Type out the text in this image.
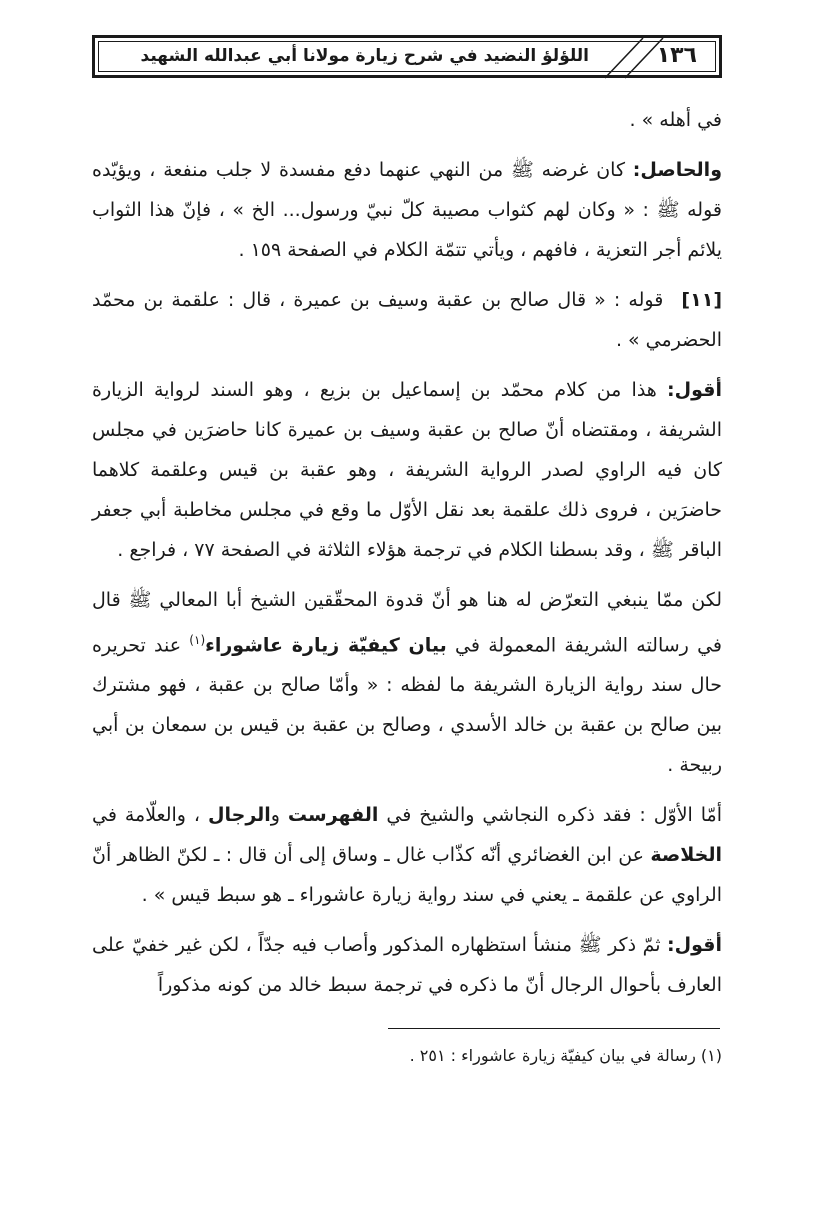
١٣٦
اللؤلؤ النضيد في شرح زيارة مولانا أبي عبدالله الشهيد

في أهله » .

والحاصل: كان غرضه ﷺ من النهي عنهما دفع مفسدة لا جلب منفعة ، ويؤيّده قوله ﷺ : « وكان لهم كثواب مصيبة كلّ نبيّ ورسول... الخ » ، فإنّ هذا الثواب يلائم أجر التعزية ، فافهم ، ويأتي تتمّة الكلام في الصفحة ١٥٩ .

[١١] قوله : « قال صالح بن عقبة وسيف بن عميرة ، قال : علقمة بن محمّد الحضرمي » .

أقول: هذا من كلام محمّد بن إسماعيل بن بزيع ، وهو السند لرواية الزيارة الشريفة ، ومقتضاه أنّ صالح بن عقبة وسيف بن عميرة كانا حاضرَين في مجلس كان فيه الراوي لصدر الرواية الشريفة ، وهو عقبة بن قيس وعلقمة كلاهما حاضرَين ، فروى ذلك علقمة بعد نقل الأوّل ما وقع في مجلس مخاطبة أبي جعفر الباقر ﷺ ، وقد بسطنا الكلام في ترجمة هؤلاء الثلاثة في الصفحة ٧٧ ، فراجع .

لكن ممّا ينبغي التعرّض له هنا هو أنّ قدوة المحقّقين الشيخ أبا المعالي ﷺ قال في رسالته الشريفة المعمولة في بيان كيفيّة زيارة عاشوراء$^{(١)}$ عند تحريره حال سند رواية الزيارة الشريفة ما لفظه : « وأمّا صالح بن عقبة ، فهو مشترك بين صالح بن عقبة بن خالد الأسدي ، وصالح بن عقبة بن قيس بن سمعان بن أبي ربيحة .

أمّا الأوّل : فقد ذكره النجاشي والشيخ في الفهرست والرجال ، والعلّامة في الخلاصة عن ابن الغضائري أنّه كذّاب غال ـ وساق إلى أن قال : ـ لكنّ الظاهر أنّ الراوي عن علقمة ـ يعني في سند رواية زيارة عاشوراء ـ هو سبط قيس » .

أقول: ثمّ ذكر ﷺ منشأ استظهاره المذكور وأصاب فيه جدّاً ، لكن غير خفيّ على العارف بأحوال الرجال أنّ ما ذكره في ترجمة سبط خالد من كونه مذكوراً

(١) رسالة في بيان كيفيّة زيارة عاشوراء : ٢٥١ .
